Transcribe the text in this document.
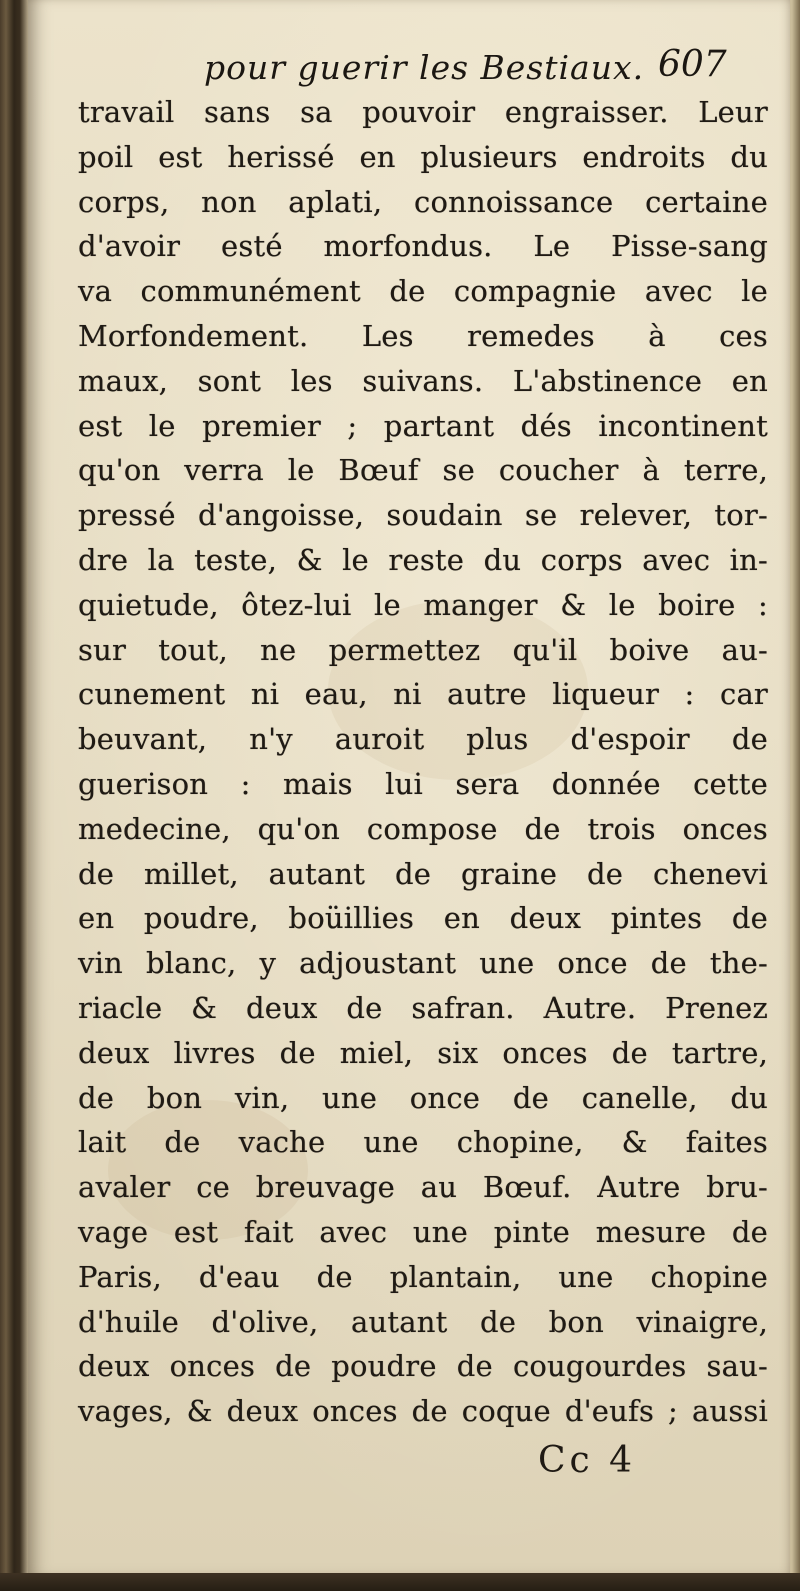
pour guerir les Bestiaux. 607
travail sans sa pouvoir engraisser. Leur
poil est herissé en plusieurs endroits du
corps, non aplati, connoissance certaine
d'avoir esté morfondus. Le Pisse-sang
va communément de compagnie avec le
Morfondement. Les remedes à ces
maux, sont les suivans. L'abstinence en
est le premier ; partant dés incontinent
qu'on verra le Bœuf se coucher à terre,
pressé d'angoisse, soudain se relever, tor-
dre la teste, & le reste du corps avec in-
quietude, ôtez-lui le manger & le boire :
sur tout, ne permettez qu'il boive au-
cunement ni eau, ni autre liqueur : car
beuvant, n'y auroit plus d'espoir de
guerison : mais lui sera donnée cette
medecine, qu'on compose de trois onces
de millet, autant de graine de chenevi
en poudre, boüillies en deux pintes de
vin blanc, y adjoustant une once de the-
riacle & deux de safran. Autre. Prenez
deux livres de miel, six onces de tartre,
de bon vin, une once de canelle, du
lait de vache une chopine, & faites
avaler ce breuvage au Bœuf. Autre bru-
vage est fait avec une pinte mesure de
Paris, d'eau de plantain, une chopine
d'huile d'olive, autant de bon vinaigre,
deux onces de poudre de cougourdes sau-
vages, & deux onces de coque d'eufs ; aussi
Cc 4
